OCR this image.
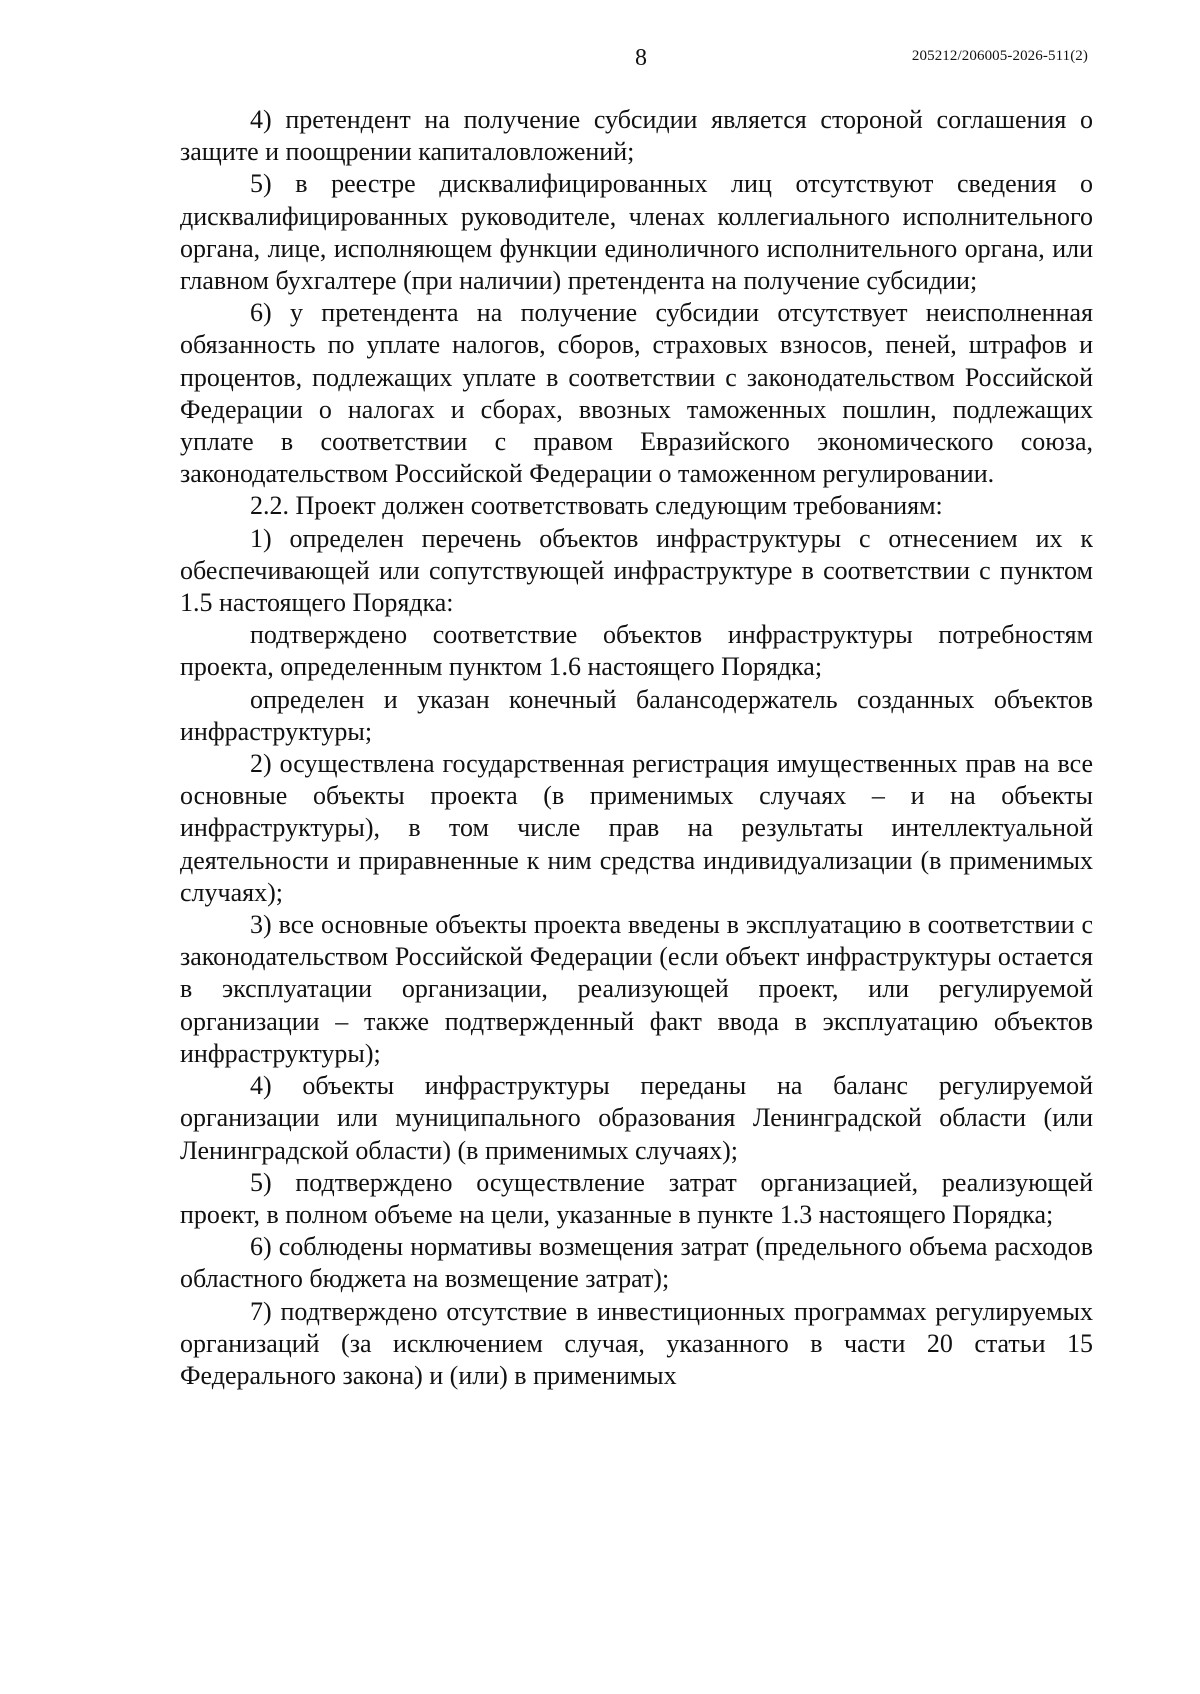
8	205212/206005-2026-511(2)

4) претендент на получение субсидии является стороной соглашения о защите и поощрении капиталовложений;

5) в реестре дисквалифицированных лиц отсутствуют сведения о дисквалифицированных руководителе, членах коллегиального исполнительного органа, лице, исполняющем функции единоличного исполнительного органа, или главном бухгалтере (при наличии) претендента на получение субсидии;

6) у претендента на получение субсидии отсутствует неисполненная обязанность по уплате налогов, сборов, страховых взносов, пеней, штрафов и процентов, подлежащих уплате в соответствии с законодательством Российской Федерации о налогах и сборах, ввозных таможенных пошлин, подлежащих уплате в соответствии с правом Евразийского экономического союза, законодательством Российской Федерации о таможенном регулировании.

2.2. Проект должен соответствовать следующим требованиям:

1) определен перечень объектов инфраструктуры с отнесением их к обеспечивающей или сопутствующей инфраструктуре в соответствии с пунктом 1.5 настоящего Порядка:

подтверждено соответствие объектов инфраструктуры потребностям проекта, определенным пунктом 1.6 настоящего Порядка;

определен и указан конечный балансодержатель созданных объектов инфраструктуры;

2) осуществлена государственная регистрация имущественных прав на все основные объекты проекта (в применимых случаях – и на объекты инфраструктуры), в том числе прав на результаты интеллектуальной деятельности и приравненные к ним средства индивидуализации (в применимых случаях);

3) все основные объекты проекта введены в эксплуатацию в соответствии с законодательством Российской Федерации (если объект инфраструктуры остается в эксплуатации организации, реализующей проект, или регулируемой организации – также подтвержденный факт ввода в эксплуатацию объектов инфраструктуры);

4) объекты инфраструктуры переданы на баланс регулируемой организации или муниципального образования Ленинградской области (или Ленинградской области) (в применимых случаях);

5) подтверждено осуществление затрат организацией, реализующей проект, в полном объеме на цели, указанные в пункте 1.3 настоящего Порядка;

6) соблюдены нормативы возмещения затрат (предельного объема расходов областного бюджета на возмещение затрат);

7) подтверждено отсутствие в инвестиционных программах регулируемых организаций (за исключением случая, указанного в части 20 статьи 15 Федерального закона) и (или) в применимых
